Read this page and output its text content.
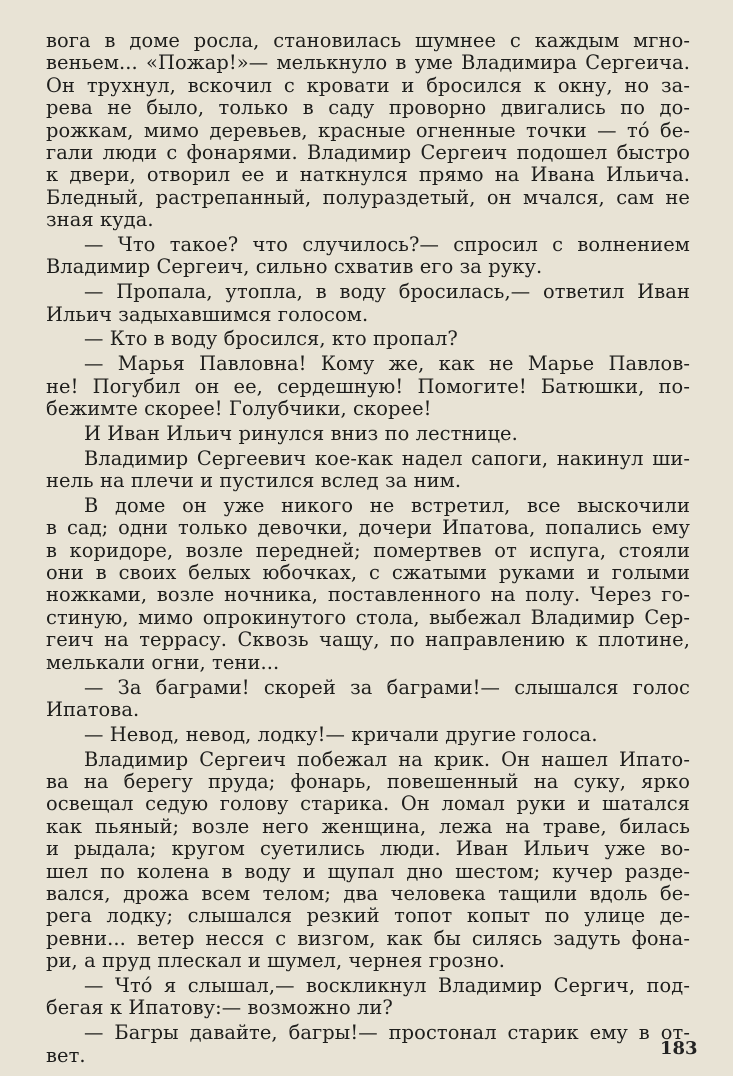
вога в доме росла, становилась шумнее с каждым мгно-
веньем... «Пожар!»— мелькнуло в уме Владимира Сергеича.
Он трухнул, вскочил с кровати и бросился к окну, но за-
рева не было, только в саду проворно двигались по до-
рожкам, мимо деревьев, красные огненные точки — то́ бе-
гали люди с фонарями. Владимир Сергеич подошел быстро
к двери, отворил ее и наткнулся прямо на Ивана Ильича.
Бледный, растрепанный, полураздетый, он мчался, сам не
зная куда.
— Что такое? что случилось?— спросил с волнением
Владимир Сергеич, сильно схватив его за руку.
— Пропала, утопла, в воду бросилась,— ответил Иван
Ильич задыхавшимся голосом.
— Кто в воду бросился, кто пропал?
— Марья Павловна! Кому же, как не Марье Павлов-
не! Погубил он ее, сердешную! Помогите! Батюшки, по-
бежимте скорее! Голубчики, скорее!
И Иван Ильич ринулся вниз по лестнице.
Владимир Сергеевич кое-как надел сапоги, накинул ши-
нель на плечи и пустился вслед за ним.
В доме он уже никого не встретил, все выскочили
в сад; одни только девочки, дочери Ипатова, попались ему
в коридоре, возле передней; помертвев от испуга, стояли
они в своих белых юбочках, с сжатыми руками и голыми
ножками, возле ночника, поставленного на полу. Через го-
стиную, мимо опрокинутого стола, выбежал Владимир Сер-
геич на террасу. Сквозь чащу, по направлению к плотине,
мелькали огни, тени...
— За баграми! скорей за баграми!— слышался голос
Ипатова.
— Невод, невод, лодку!— кричали другие голоса.
Владимир Сергеич побежал на крик. Он нашел Ипато-
ва на берегу пруда; фонарь, повешенный на суку, ярко
освещал седую голову старика. Он ломал руки и шатался
как пьяный; возле него женщина, лежа на траве, билась
и рыдала; кругом суетились люди. Иван Ильич уже во-
шел по колена в воду и щупал дно шестом; кучер разде-
вался, дрожа всем телом; два человека тащили вдоль бе-
рега лодку; слышался резкий топот копыт по улице де-
ревни... ветер несся с визгом, как бы силясь задуть фона-
ри, а пруд плескал и шумел, чернея грозно.
— Что́ я слышал,— воскликнул Владимир Сергич, под-
бегая к Ипатову:— возможно ли?
— Багры давайте, багры!— простонал старик ему в от-
вет.	183
